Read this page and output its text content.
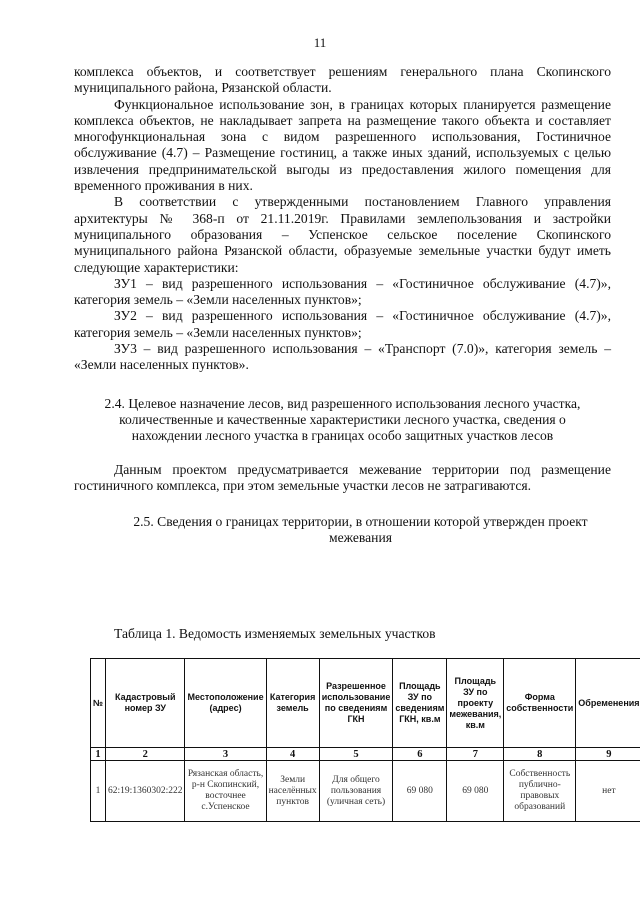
11

комплекса объектов, и соответствует решениям генерального плана Скопинского муниципального района, Рязанской области.

Функциональное использование зон, в границах которых планируется размещение комплекса объектов, не накладывает запрета на размещение такого объекта и составляет многофункциональная зона с видом разрешенного использования, Гостиничное обслуживание (4.7) – Размещение гостиниц, а также иных зданий, используемых с целью извлечения предпринимательской выгоды из предоставления жилого помещения для временного проживания в них.

В соответствии с утвержденными постановлением Главного управления архитектуры № 368-п от 21.11.2019г. Правилами землепользования и застройки муниципального образования – Успенское сельское поселение Скопинского муниципального района Рязанской области, образуемые земельные участки будут иметь следующие характеристики:

ЗУ1 – вид разрешенного использования – «Гостиничное обслуживание (4.7)», категория земель – «Земли населенных пунктов»;

ЗУ2 – вид разрешенного использования – «Гостиничное обслуживание (4.7)», категория земель – «Земли населенных пунктов»;

ЗУ3 – вид разрешенного использования – «Транспорт (7.0)», категория земель – «Земли населенных пунктов».

2.4. Целевое назначение лесов, вид разрешенного использования лесного участка, количественные и качественные характеристики лесного участка, сведения о нахождении лесного участка в границах особо защитных участков лесов

Данным проектом предусматривается межевание территории под размещение гостиничного комплекса, при этом земельные участки лесов не затрагиваются.

2.5. Сведения о границах территории, в отношении которой утвержден проект межевания

Таблица 1. Ведомость изменяемых земельных участков
№	Кадастровый номер ЗУ	Местоположение (адрес)	Категория земель	Разрешенное использование по сведениям ГКН	Площадь ЗУ по сведениям ГКН, кв.м	Площадь ЗУ по проекту межевания, кв.м	Форма собственности	Обременения
1	2	3	4	5	6	7	8	9
1	62:19:1360302:222	Рязанская область, р-н Скопинский, восточнее с.Успенское	Земли населённых пунктов	Для общего пользования (уличная сеть)	69 080	69 080	Собственность публично-правовых образований	нет
